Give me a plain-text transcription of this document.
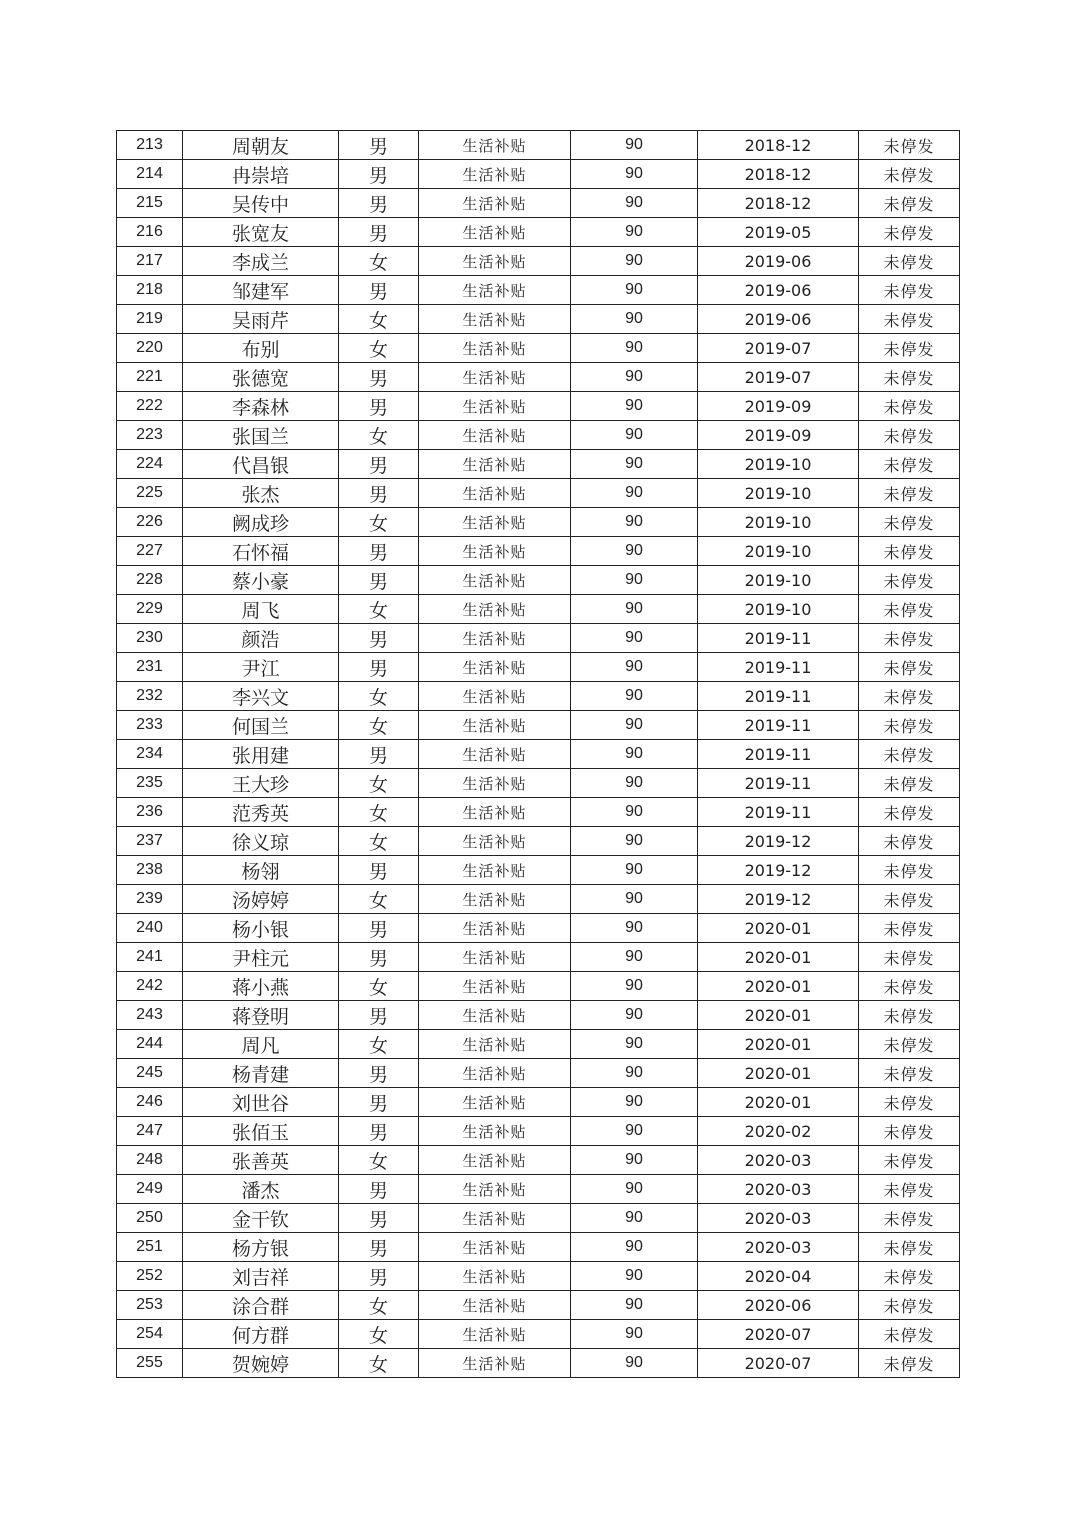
213	周朝友	男	生活补贴	90	2018-12	未停发
214	冉崇培	男	生活补贴	90	2018-12	未停发
215	吴传中	男	生活补贴	90	2018-12	未停发
216	张宽友	男	生活补贴	90	2019-05	未停发
217	李成兰	女	生活补贴	90	2019-06	未停发
218	邹建军	男	生活补贴	90	2019-06	未停发
219	吴雨芹	女	生活补贴	90	2019-06	未停发
220	布别	女	生活补贴	90	2019-07	未停发
221	张德宽	男	生活补贴	90	2019-07	未停发
222	李森林	男	生活补贴	90	2019-09	未停发
223	张国兰	女	生活补贴	90	2019-09	未停发
224	代昌银	男	生活补贴	90	2019-10	未停发
225	张杰	男	生活补贴	90	2019-10	未停发
226	阙成珍	女	生活补贴	90	2019-10	未停发
227	石怀福	男	生活补贴	90	2019-10	未停发
228	蔡小豪	男	生活补贴	90	2019-10	未停发
229	周飞	女	生活补贴	90	2019-10	未停发
230	颜浩	男	生活补贴	90	2019-11	未停发
231	尹江	男	生活补贴	90	2019-11	未停发
232	李兴文	女	生活补贴	90	2019-11	未停发
233	何国兰	女	生活补贴	90	2019-11	未停发
234	张用建	男	生活补贴	90	2019-11	未停发
235	王大珍	女	生活补贴	90	2019-11	未停发
236	范秀英	女	生活补贴	90	2019-11	未停发
237	徐义琼	女	生活补贴	90	2019-12	未停发
238	杨翎	男	生活补贴	90	2019-12	未停发
239	汤婷婷	女	生活补贴	90	2019-12	未停发
240	杨小银	男	生活补贴	90	2020-01	未停发
241	尹柱元	男	生活补贴	90	2020-01	未停发
242	蒋小燕	女	生活补贴	90	2020-01	未停发
243	蒋登明	男	生活补贴	90	2020-01	未停发
244	周凡	女	生活补贴	90	2020-01	未停发
245	杨青建	男	生活补贴	90	2020-01	未停发
246	刘世谷	男	生活补贴	90	2020-01	未停发
247	张佰玉	男	生活补贴	90	2020-02	未停发
248	张善英	女	生活补贴	90	2020-03	未停发
249	潘杰	男	生活补贴	90	2020-03	未停发
250	金干钦	男	生活补贴	90	2020-03	未停发
251	杨方银	男	生活补贴	90	2020-03	未停发
252	刘吉祥	男	生活补贴	90	2020-04	未停发
253	涂合群	女	生活补贴	90	2020-06	未停发
254	何方群	女	生活补贴	90	2020-07	未停发
255	贺婉婷	女	生活补贴	90	2020-07	未停发
